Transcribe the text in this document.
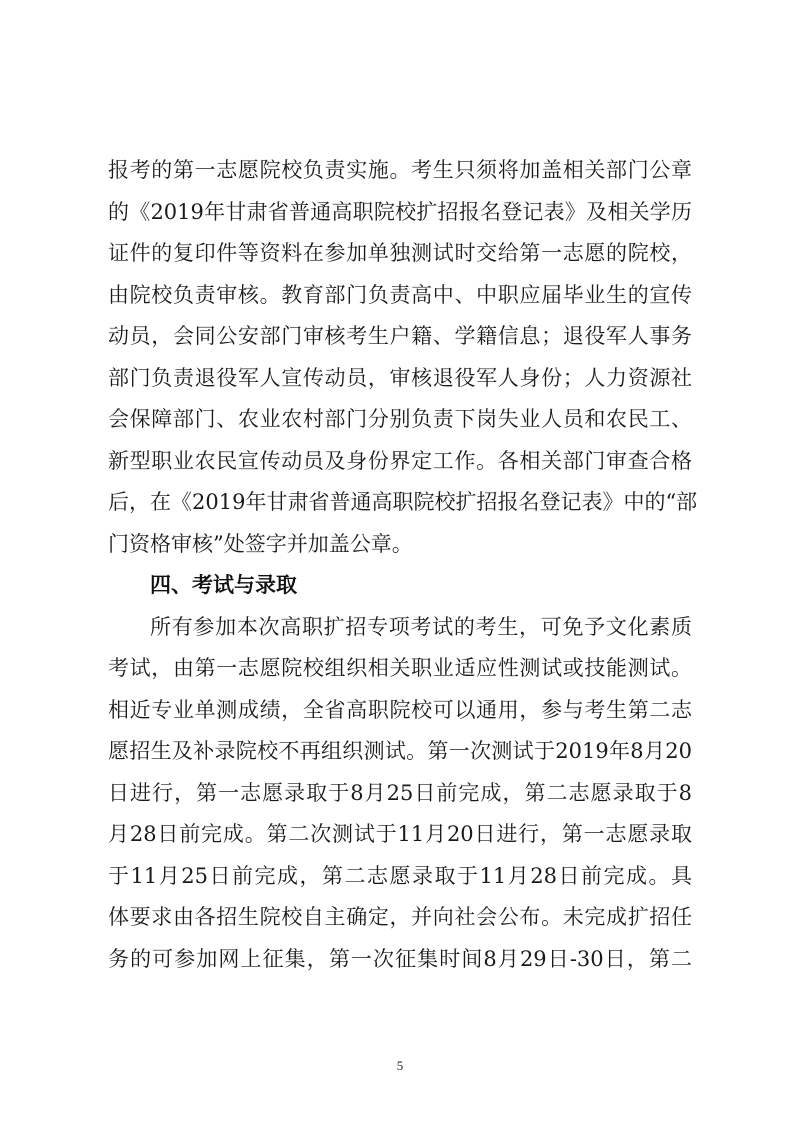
报考的第一志愿院校负责实施。考生只须将加盖相关部门公章
的《2019年甘肃省普通高职院校扩招报名登记表》及相关学历
证件的复印件等资料在参加单独测试时交给第一志愿的院校，
由院校负责审核。教育部门负责高中、中职应届毕业生的宣传
动员，会同公安部门审核考生户籍、学籍信息；退役军人事务
部门负责退役军人宣传动员，审核退役军人身份；人力资源社
会保障部门、农业农村部门分别负责下岗失业人员和农民工、
新型职业农民宣传动员及身份界定工作。各相关部门审查合格
后，在《2019年甘肃省普通高职院校扩招报名登记表》中的“部
门资格审核”处签字并加盖公章。
四、考试与录取
所有参加本次高职扩招专项考试的考生，可免予文化素质
考试，由第一志愿院校组织相关职业适应性测试或技能测试。
相近专业单测成绩，全省高职院校可以通用，参与考生第二志
愿招生及补录院校不再组织测试。第一次测试于2019年8月20
日进行，第一志愿录取于8月25日前完成，第二志愿录取于8
月28日前完成。第二次测试于11月20日进行，第一志愿录取
于11月25日前完成，第二志愿录取于11月28日前完成。具
体要求由各招生院校自主确定，并向社会公布。未完成扩招任
务的可参加网上征集，第一次征集时间8月29日-30日，第二
5
